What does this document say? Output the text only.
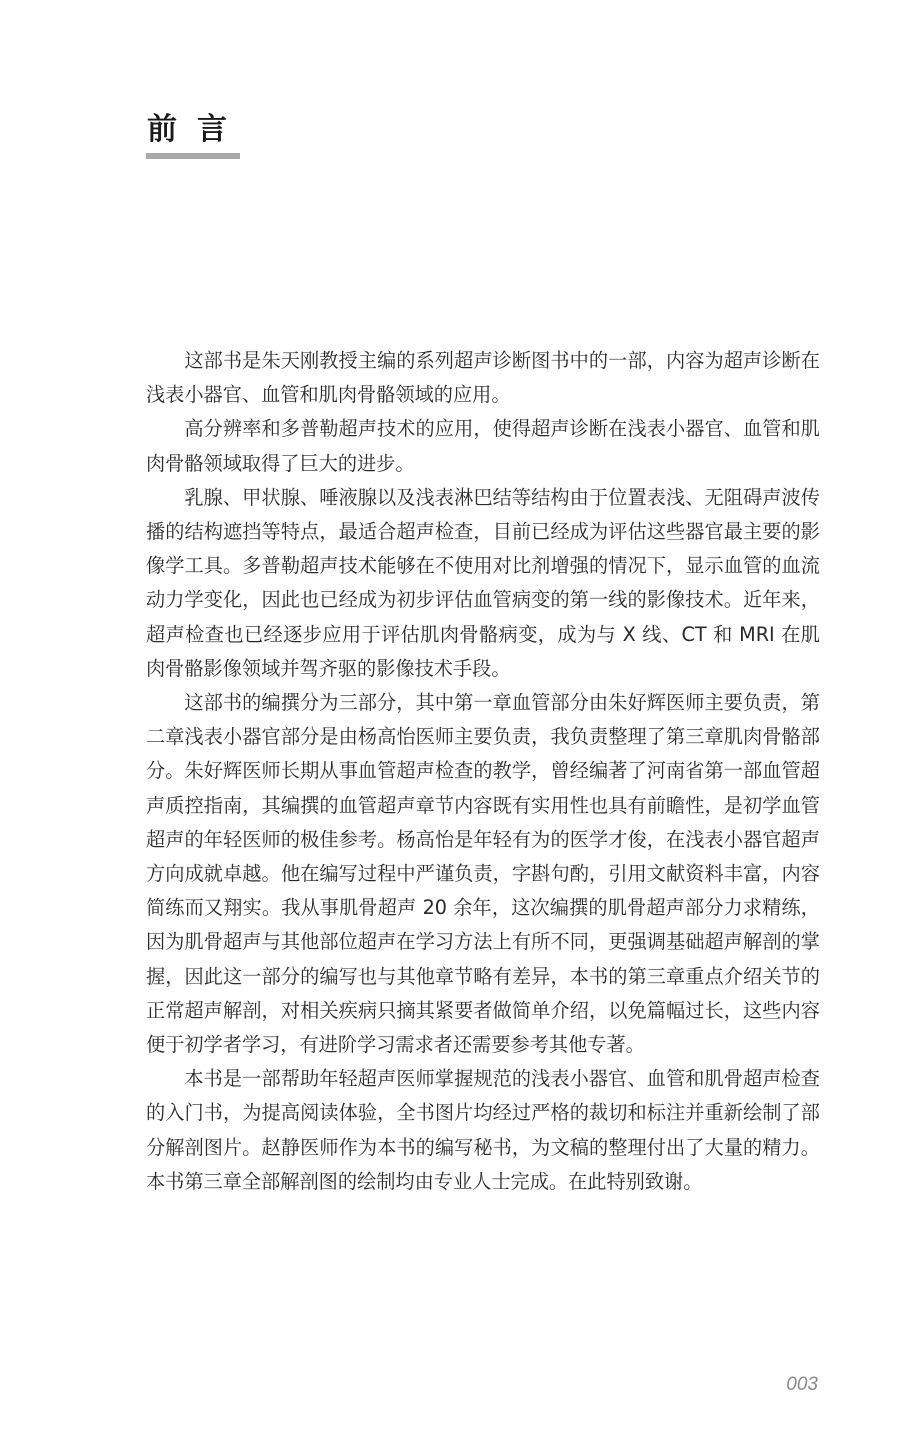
前言

这部书是朱天刚教授主编的系列超声诊断图书中的一部，内容为超声诊断在浅表小器官、血管和肌肉骨骼领域的应用。

高分辨率和多普勒超声技术的应用，使得超声诊断在浅表小器官、血管和肌肉骨骼领域取得了巨大的进步。

乳腺、甲状腺、唾液腺以及浅表淋巴结等结构由于位置表浅、无阻碍声波传播的结构遮挡等特点，最适合超声检查，目前已经成为评估这些器官最主要的影像学工具。多普勒超声技术能够在不使用对比剂增强的情况下，显示血管的血流动力学变化，因此也已经成为初步评估血管病变的第一线的影像技术。近年来，超声检查也已经逐步应用于评估肌肉骨骼病变，成为与 X 线、CT 和 MRI 在肌肉骨骼影像领域并驾齐驱的影像技术手段。

这部书的编撰分为三部分，其中第一章血管部分由朱好辉医师主要负责，第二章浅表小器官部分是由杨高怡医师主要负责，我负责整理了第三章肌肉骨骼部分。朱好辉医师长期从事血管超声检查的教学，曾经编著了河南省第一部血管超声质控指南，其编撰的血管超声章节内容既有实用性也具有前瞻性，是初学血管超声的年轻医师的极佳参考。杨高怡是年轻有为的医学才俊，在浅表小器官超声方向成就卓越。他在编写过程中严谨负责，字斟句酌，引用文献资料丰富，内容简练而又翔实。我从事肌骨超声 20 余年，这次编撰的肌骨超声部分力求精练，因为肌骨超声与其他部位超声在学习方法上有所不同，更强调基础超声解剖的掌握，因此这一部分的编写也与其他章节略有差异，本书的第三章重点介绍关节的正常超声解剖，对相关疾病只摘其紧要者做简单介绍，以免篇幅过长，这些内容便于初学者学习，有进阶学习需求者还需要参考其他专著。

本书是一部帮助年轻超声医师掌握规范的浅表小器官、血管和肌骨超声检查的入门书，为提高阅读体验，全书图片均经过严格的裁切和标注并重新绘制了部分解剖图片。赵静医师作为本书的编写秘书，为文稿的整理付出了大量的精力。本书第三章全部解剖图的绘制均由专业人士完成。在此特别致谢。

003
